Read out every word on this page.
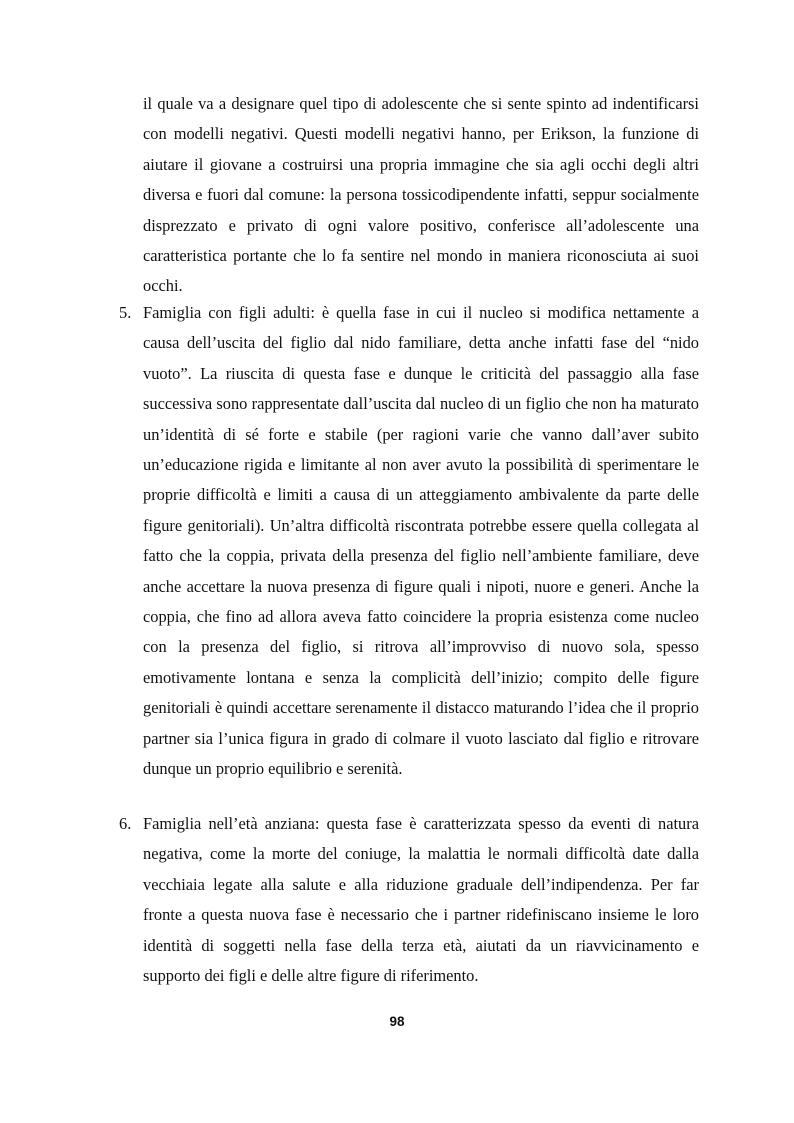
il quale va a designare quel tipo di adolescente che si sente spinto ad indentificarsi con modelli negativi. Questi modelli negativi hanno, per Erikson, la funzione di aiutare il giovane a costruirsi una propria immagine che sia agli occhi degli altri diversa e fuori dal comune: la persona tossicodipendente infatti, seppur socialmente disprezzato e privato di ogni valore positivo, conferisce all’adolescente una caratteristica portante che lo fa sentire nel mondo in maniera riconosciuta ai suoi occhi.

5. Famiglia con figli adulti: è quella fase in cui il nucleo si modifica nettamente a causa dell’uscita del figlio dal nido familiare, detta anche infatti fase del “nido vuoto”. La riuscita di questa fase e dunque le criticità del passaggio alla fase successiva sono rappresentate dall’uscita dal nucleo di un figlio che non ha maturato un’identità di sé forte e stabile (per ragioni varie che vanno dall’aver subito un’educazione rigida e limitante al non aver avuto la possibilità di sperimentare le proprie difficoltà e limiti a causa di un atteggiamento ambivalente da parte delle figure genitoriali). Un’altra difficoltà riscontrata potrebbe essere quella collegata al fatto che la coppia, privata della presenza del figlio nell’ambiente familiare, deve anche accettare la nuova presenza di figure quali i nipoti, nuore e generi. Anche la coppia, che fino ad allora aveva fatto coincidere la propria esistenza come nucleo con la presenza del figlio, si ritrova all’improvviso di nuovo sola, spesso emotivamente lontana e senza la complicità dell’inizio; compito delle figure genitoriali è quindi accettare serenamente il distacco maturando l’idea che il proprio partner sia l’unica figura in grado di colmare il vuoto lasciato dal figlio e ritrovare dunque un proprio equilibrio e serenità.
6. Famiglia nell’età anziana: questa fase è caratterizzata spesso da eventi di natura negativa, come la morte del coniuge, la malattia le normali difficoltà date dalla vecchiaia legate alla salute e alla riduzione graduale dell’indipendenza. Per far fronte a questa nuova fase è necessario che i partner ridefiniscano insieme le loro identità di soggetti nella fase della terza età, aiutati da un riavvicinamento e supporto dei figli e delle altre figure di riferimento.
98
